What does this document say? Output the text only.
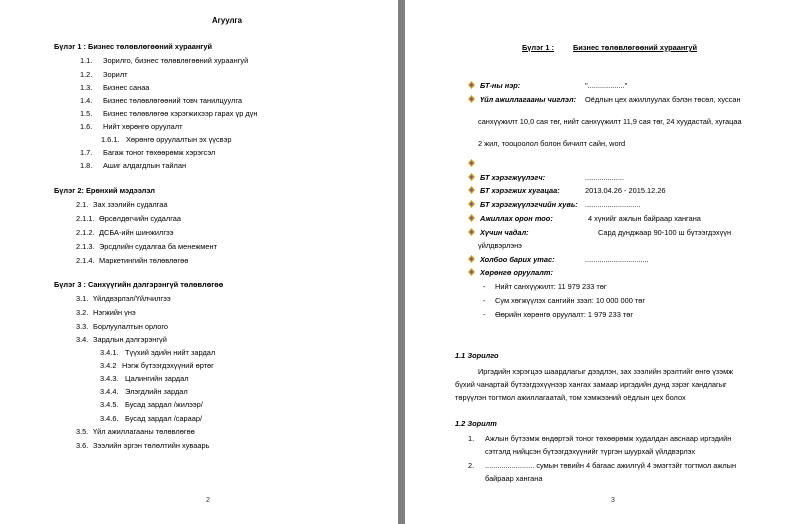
Агуулга
Бүлэг 1 : Бизнес төлөвлөгөөний хураангуй
1.1. Зорилго, бизнес төлөвлөгөөний хураангуй
1.2. Зорилт
1.3. Бизнес санаа
1.4. Бизнес төлөвлөгөөний товч танилцуулга
1.5. Бизнес төлөвлөгөө хэрэгжихээр гарах үр дүн
1.6. Нийт хөрөнгө оруулалт
1.6.1. Хөрөнгө оруулалтын эх үүсвэр
1.7. Багаж тоног төхөөрөмж хэрэгсэл
1.8. Ашиг алдагдлын тайлан
Бүлэг 2: Ерөнхий мэдээлэл
2.1. Зах зээлийн судалгаа
2.1.1. Өрсөлдөгчийн судалгаа
2.1.2. ДСБА-ийн шинжилгээ
2.1.3. Эрсдлийн судалгаа ба менежмент
2.1.4. Маркетингийн төлөвлөгөө
Бүлэг 3 : Санхүүгийн дэлгэрэнгүй төлөвлөгөө
3.1. Үйлдвэрлэл/Үйлчилгээ
3.2. Нэгжийн үнэ
3.3. Борлуулалтын орлого
3.4. Зардлын дэлгэрэнгүй
3.4.1. Түүхий эдийн нийт зардал
3.4.2 Нэгж бүтээгдэхүүний өртөг
3.4.3. Цалингийн зардал
3.4.4. Элэгдлийн зардал
3.4.5. Бусад зардал /жилээр/
3.4.6. Бусад зардал /сараар/
3.5. Үйл ажиллагааны төлөвлөгөө
3.6. Зээлийн эргэн төлөлтийн хуваарь
2
Бүлэг 1 :	Бизнес төлөвлөгөөний хураангуй
БТ-ны нэр:	".................."
Үйл ажиллагааны чиглэл: Оёдлын цех ажиллуулах бэлэн төсөл, хуссан
санхүүжилт 10,0 сая төг, нийт санхүүжилт 11,9 сая төг, 24 хуудастай, хугацаа
2 жил, тооцоолол болон бичилт сайн, word
БТ хэрэгжүүлэгч:	...................
БТ хэрэгжих хугацаа:	2013.04.26 - 2015.12.26
БТ хэрэгжүүлэгчийн хувь: ...........................
Ажиллах орон тоо:	4 хүнийг ажлын байраар хангана
Хүчин чадал:	Сард дунджаар 90-100 ш бүтээгдэхүүн
үйлдвэрлэнэ
Холбоо барих утас:	...............................
Хөрөнгө оруулалт:
- Нийт санхүүжилт: 11 979 233 төг
- Сум хөгжүүлэх сангийн зээл: 10 000 000 төг
- Өөрийн хөрөнгө оруулалт: 1 979 233 төг
1.1 Зорилго
Иргэдийн хэрэгцээ шаардлагыг дээдлэн, зах зээлийн эрэлтийг өнгө үзэмж
бүхий чанартай бүтээгдэхүүнээр хангах замаар иргэдийн дунд зэрэг хандлагыг
төрүүлэн тогтмол ажиллагаатай, том хэмжээний оёдлын цех болох
1.2 Зорилт
1. Ажлын бүтээмж өндөртэй тоног төхөөрөмж худалдан авснаар иргэдийн
сэтгэлд нийцсэн бүтээгдэхүүнийг түргэн шуурхай үйлдвэрлэх
2. ........................ сумын төвийн 4 багаас ажилгүй 4 эмэгтэйг тогтмол ажлын
байраар хангана
3
